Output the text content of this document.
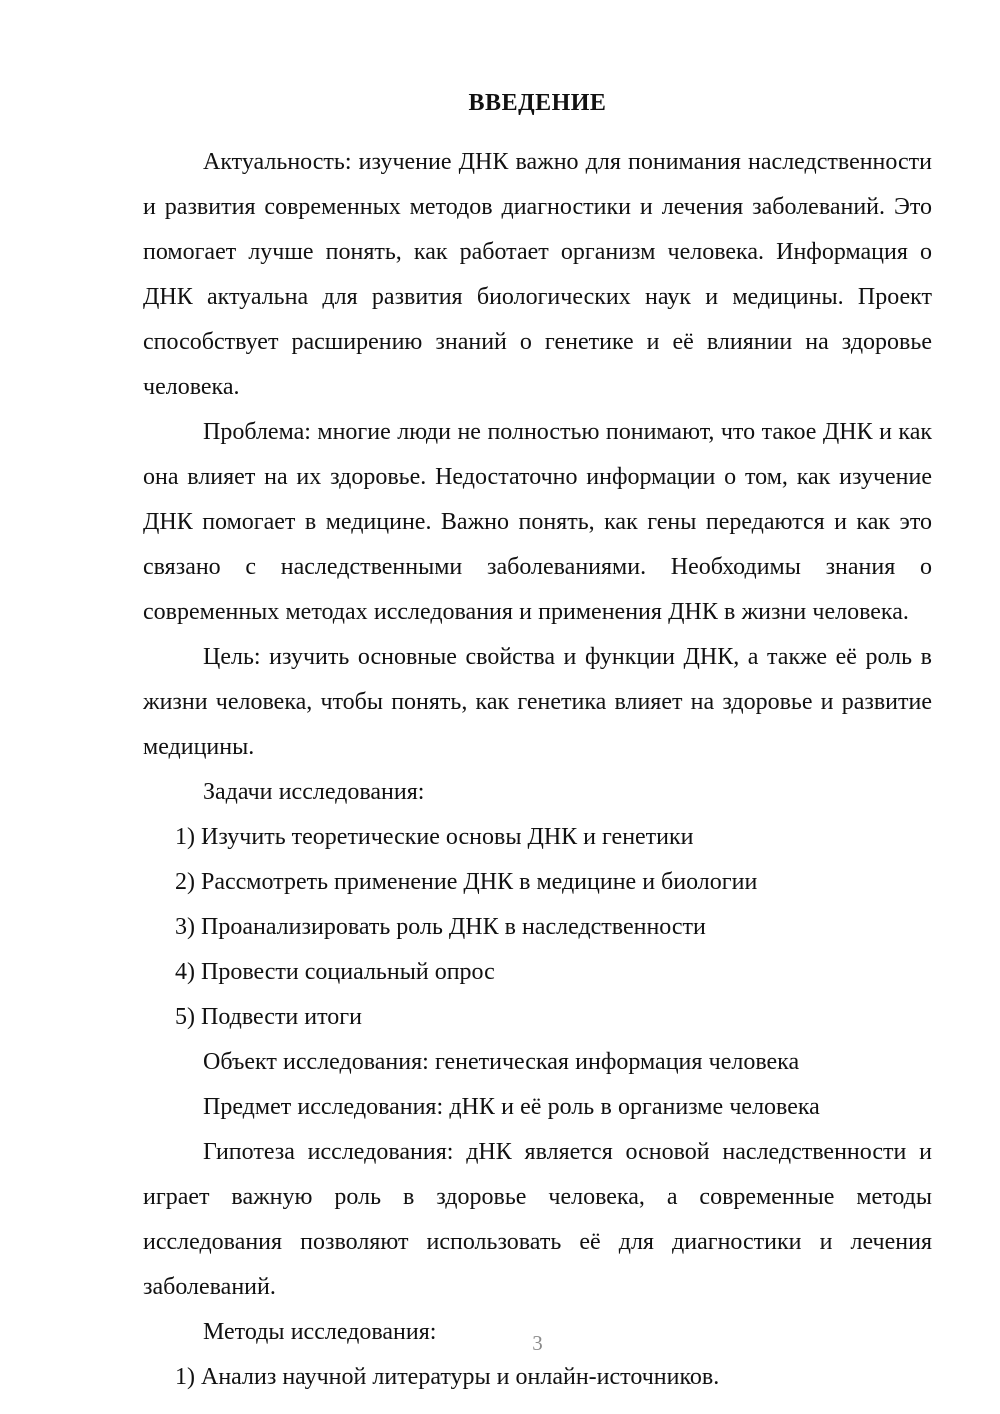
ВВЕДЕНИЕ

Актуальность: изучение ДНК важно для понимания наследственности и развития современных методов диагностики и лечения заболеваний. Это помогает лучше понять, как работает организм человека. Информация о ДНК актуальна для развития биологических наук и медицины. Проект способствует расширению знаний о генетике и её влиянии на здоровье человека.

Проблема: многие люди не полностью понимают, что такое ДНК и как она влияет на их здоровье. Недостаточно информации о том, как изучение ДНК помогает в медицине. Важно понять, как гены передаются и как это связано с наследственными заболеваниями. Необходимы знания о современных методах исследования и применения ДНК в жизни человека.

Цель: изучить основные свойства и функции ДНК, а также её роль в жизни человека, чтобы понять, как генетика влияет на здоровье и развитие медицины.

Задачи исследования:

1) Изучить теоретические основы ДНК и генетики

2) Рассмотреть применение ДНК в медицине и биологии

3) Проанализировать роль ДНК в наследственности

4) Провести социальный опрос

5) Подвести итоги

Объект исследования: генетическая информация человека

Предмет исследования: дНК и её роль в организме человека

Гипотеза исследования: дНК является основой наследственности и играет важную роль в здоровье человека, а современные методы исследования позволяют использовать её для диагностики и лечения заболеваний.

Методы исследования:

1) Анализ научной литературы и онлайн-источников.

3
